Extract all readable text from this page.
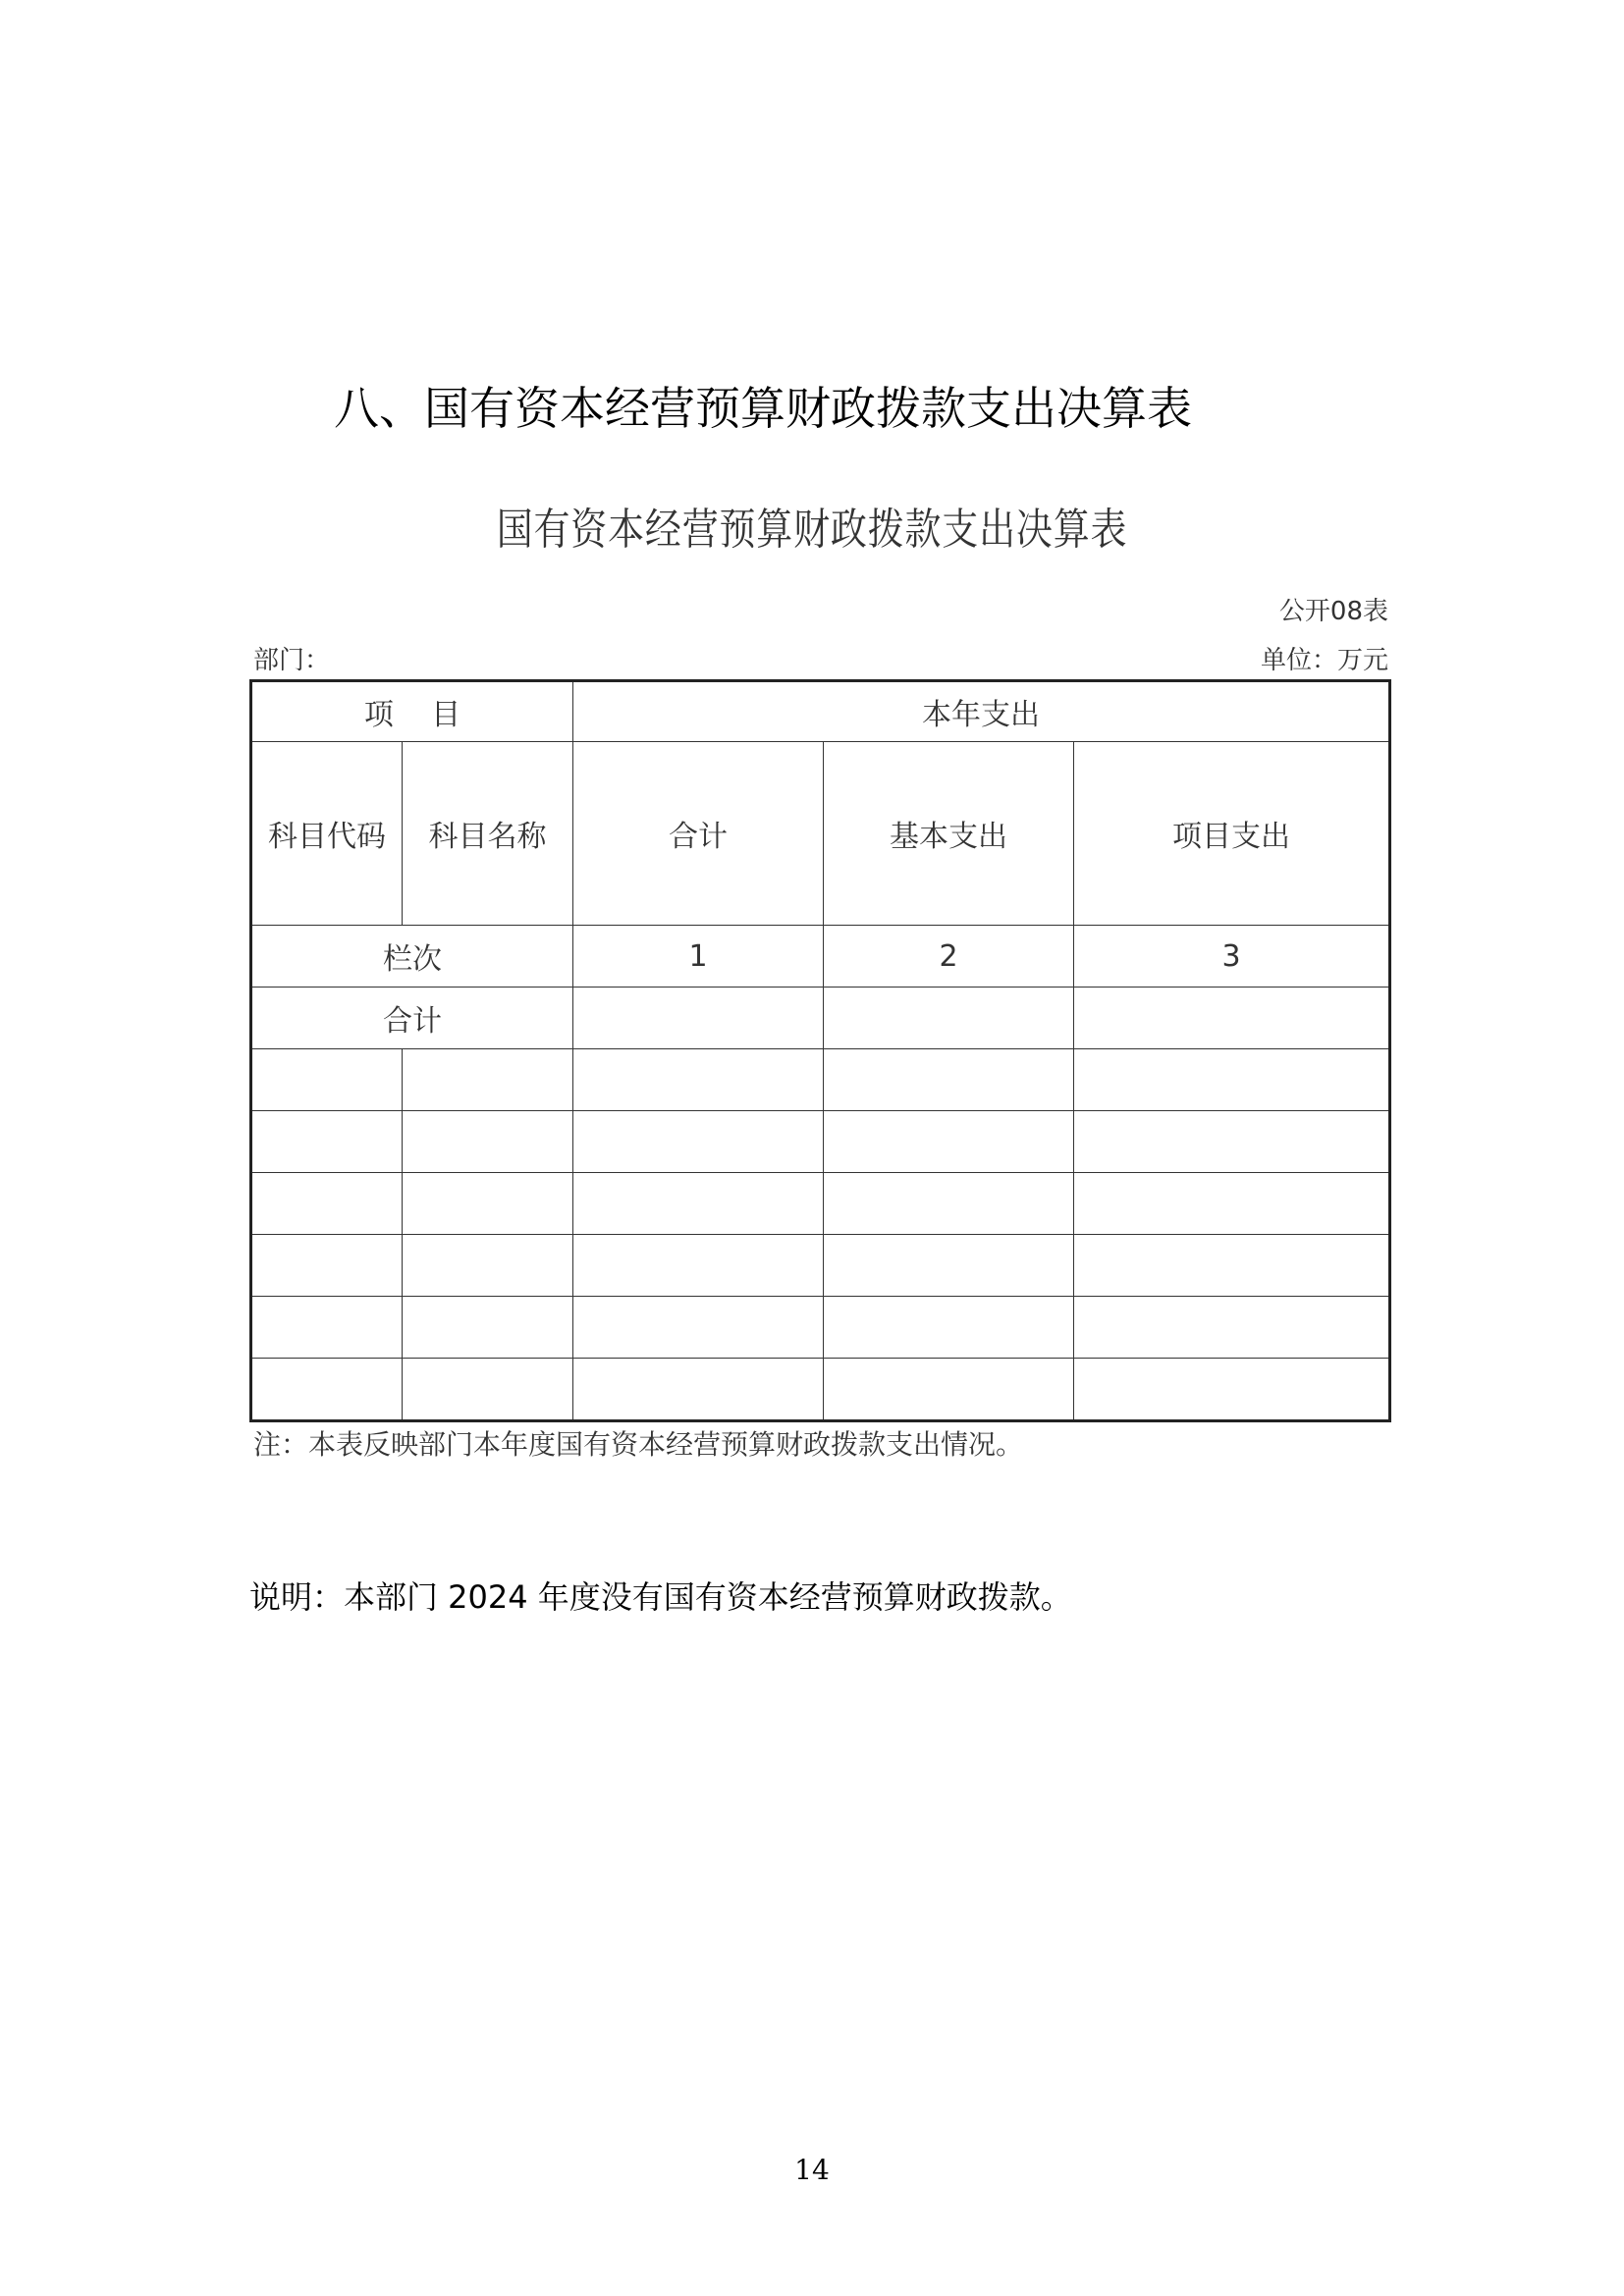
八、国有资本经营预算财政拨款支出决算表
国有资本经营预算财政拨款支出决算表
公开08表
部门：	单位：万元
项    目		本年支出		
科目代码	科目名称	合计	基本支出	项目支出
栏次		1	2	3
合计				

注：本表反映部门本年度国有资本经营预算财政拨款支出情况。
说明：本部门 2024 年度没有国有资本经营预算财政拨款。
14
